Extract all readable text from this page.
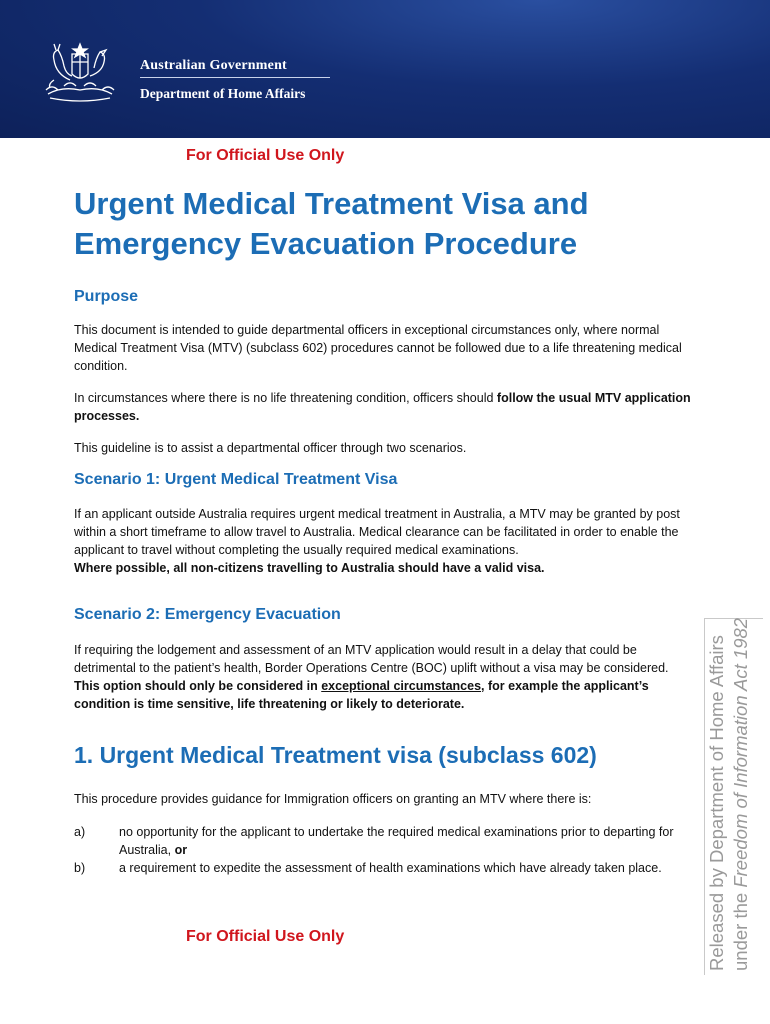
Australian Government
Department of Home Affairs
For Official Use Only
Urgent Medical Treatment Visa and Emergency Evacuation Procedure
Purpose

This document is intended to guide departmental officers in exceptional circumstances only, where normal Medical Treatment Visa (MTV) (subclass 602) procedures cannot be followed due to a life threatening medical condition.

In circumstances where there is no life threatening condition, officers should follow the usual MTV application processes.

This guideline is to assist a departmental officer through two scenarios.

Scenario 1: Urgent Medical Treatment Visa

If an applicant outside Australia requires urgent medical treatment in Australia, a MTV may be granted by post within a short timeframe to allow travel to Australia. Medical clearance can be facilitated in order to enable the applicant to travel without completing the usually required medical examinations.
Where possible, all non-citizens travelling to Australia should have a valid visa.

Scenario 2: Emergency Evacuation

If requiring the lodgement and assessment of an MTV application would result in a delay that could be detrimental to the patient’s health, Border Operations Centre (BOC) uplift without a visa may be considered. This option should only be considered in exceptional circumstances, for example the applicant’s condition is time sensitive, life threatening or likely to deteriorate.

1. Urgent Medical Treatment visa (subclass 602)

This procedure provides guidance for Immigration officers on granting an MTV where there is:

a)	no opportunity for the applicant to undertake the required medical examinations prior to departing for Australia, or
b)	a requirement to expedite the assessment of health examinations which have already taken place.
For Official Use Only	Released by Department of Home Affairs under the Freedom of Information Act 1982
